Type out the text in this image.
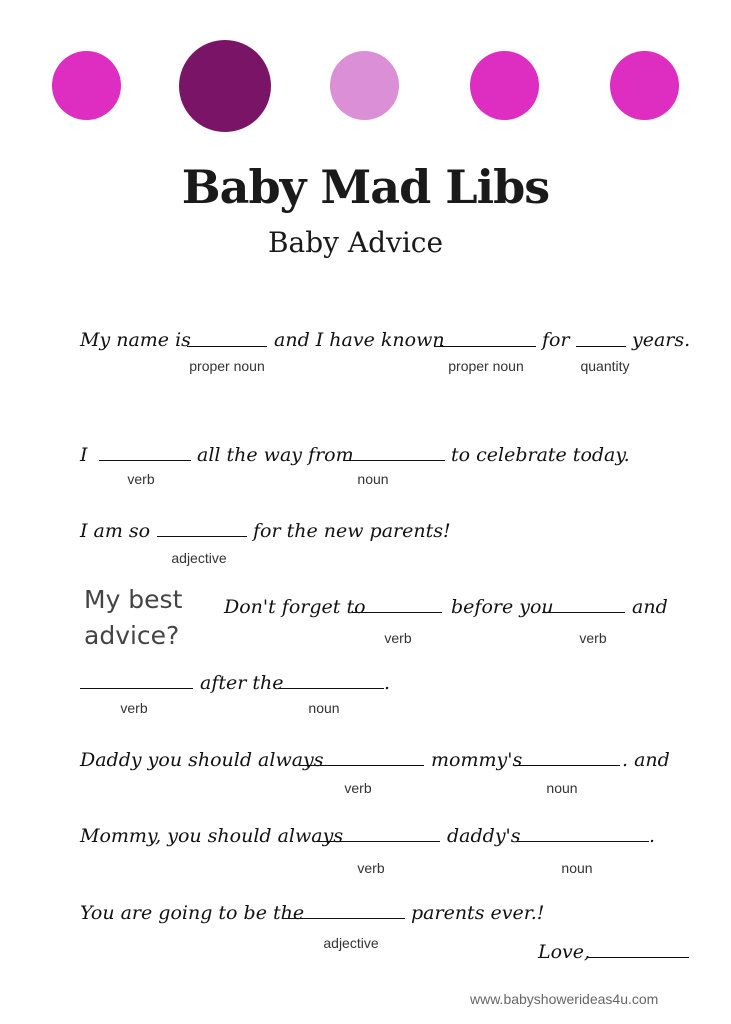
Baby Mad Libs
Baby Advice
My name is	and I have known	for	years.
proper noun	proper noun	quantity
I	all the way from	to celebrate today.
verb	noun
I am so	for the new parents!
adjective
My best advice?
Don't forget to	before you	and
verb	verb
after the	.
verb	noun
Daddy you should always	mommy's	. and
verb	noun
Mommy, you should always	daddy's	.
verb	noun
You are going to be the	parents ever.!
adjective	Love,
www.babyshowerideas4u.com
